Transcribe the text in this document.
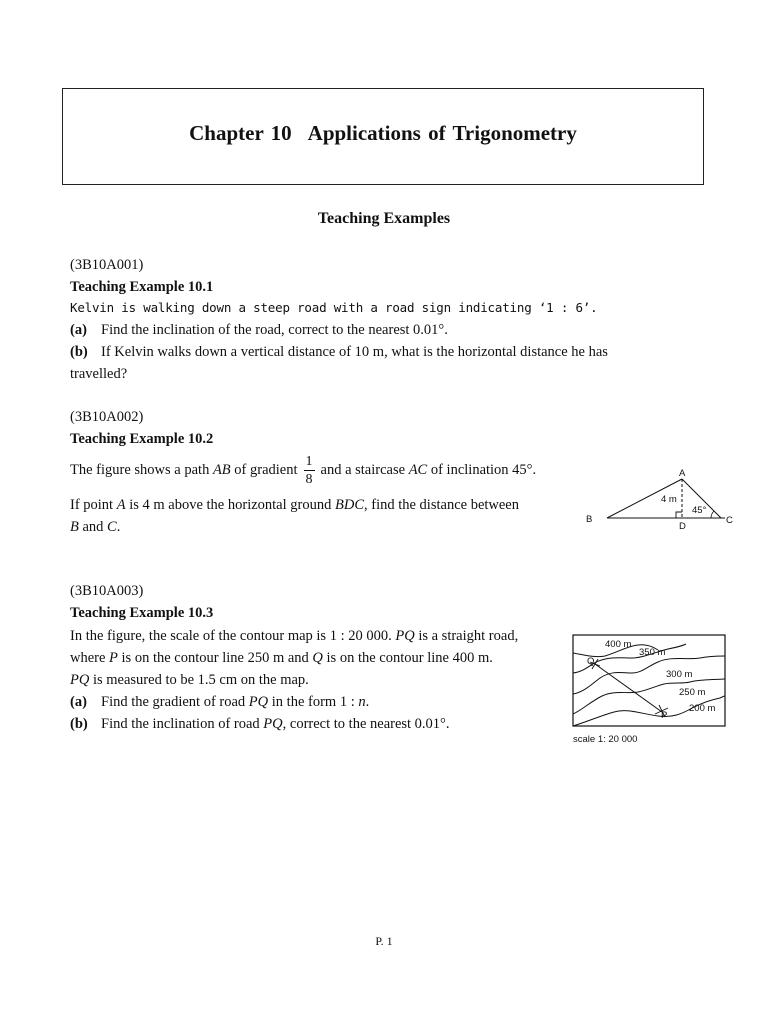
Chapter 10 Applications of Trigonometry
Teaching Examples
(3B10A001)
Teaching Example 10.1
Kelvin is walking down a steep road with a road sign indicating ‘1 : 6’.
(a) Find the inclination of the road, correct to the nearest 0.01°.
(b) If Kelvin walks down a vertical distance of 10 m, what is the horizontal distance he has
travelled?
(3B10A002)
Teaching Example 10.2
The figure shows a path AB of gradient $\frac{1}{8}$ and a staircase AC of inclination 45°.
If point A is 4 m above the horizontal ground BDC, find the distance between
B and C.
A
B	C
D
4 m
45°
(3B10A003)
Teaching Example 10.3
In the figure, the scale of the contour map is 1 : 20 000. PQ is a straight road,
where P is on the contour line 250 m and Q is on the contour line 400 m.
PQ is measured to be 1.5 cm on the map.
(a) Find the gradient of road PQ in the form 1 : n.
(b) Find the inclination of road PQ, correct to the nearest 0.01°.
400 m
350 m
300 m
250 m
200 m
Q
P
scale 1: 20 000
P. 1
